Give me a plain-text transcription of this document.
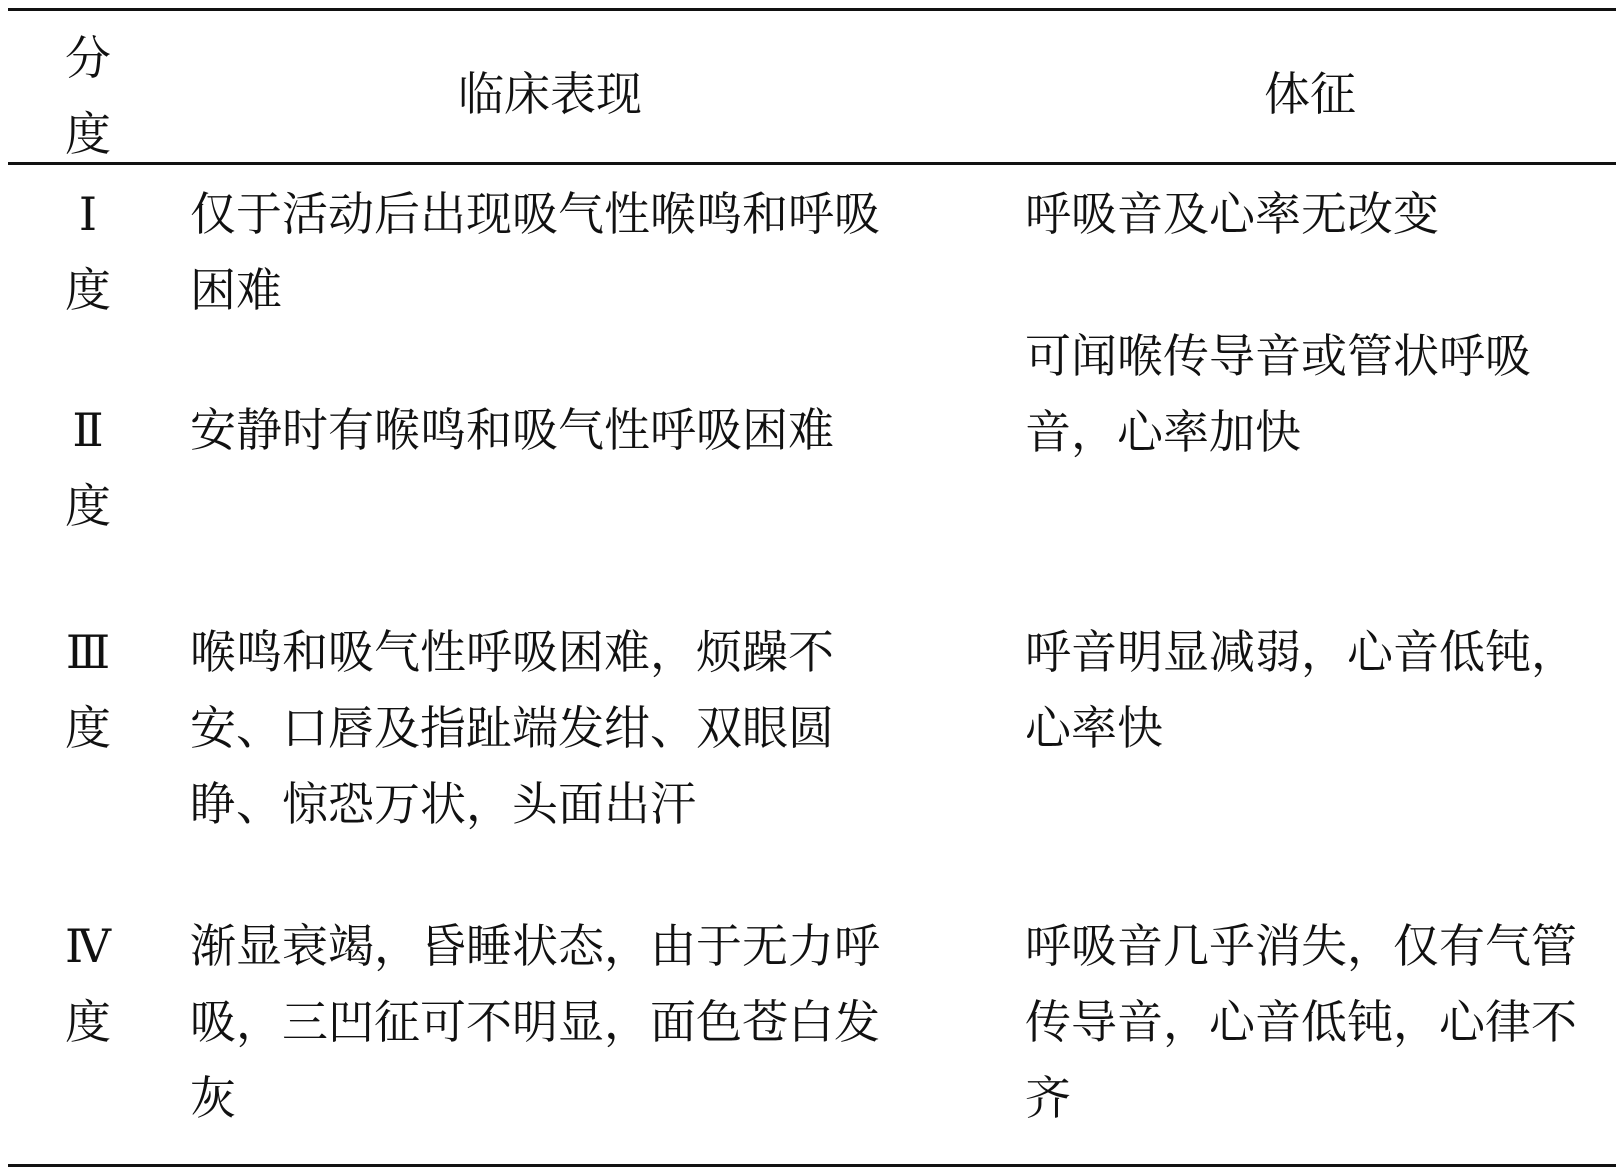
分
度
临床表现	体征
Ⅰ
度
仅于活动后出现吸气性喉鸣和呼吸困难
呼吸音及心率无改变
Ⅱ
度
安静时有喉鸣和吸气性呼吸困难
可闻喉传导音或管状呼吸音，心率加快
Ⅲ
度
喉鸣和吸气性呼吸困难，烦躁不安、口唇及指趾端发绀、双眼圆睁、惊恐万状，头面出汗
呼音明显减弱，心音低钝，心率快
Ⅳ
度
渐显衰竭，昏睡状态，由于无力呼吸，三凹征可不明显，面色苍白发灰
呼吸音几乎消失，仅有气管传导音，心音低钝，心律不齐
